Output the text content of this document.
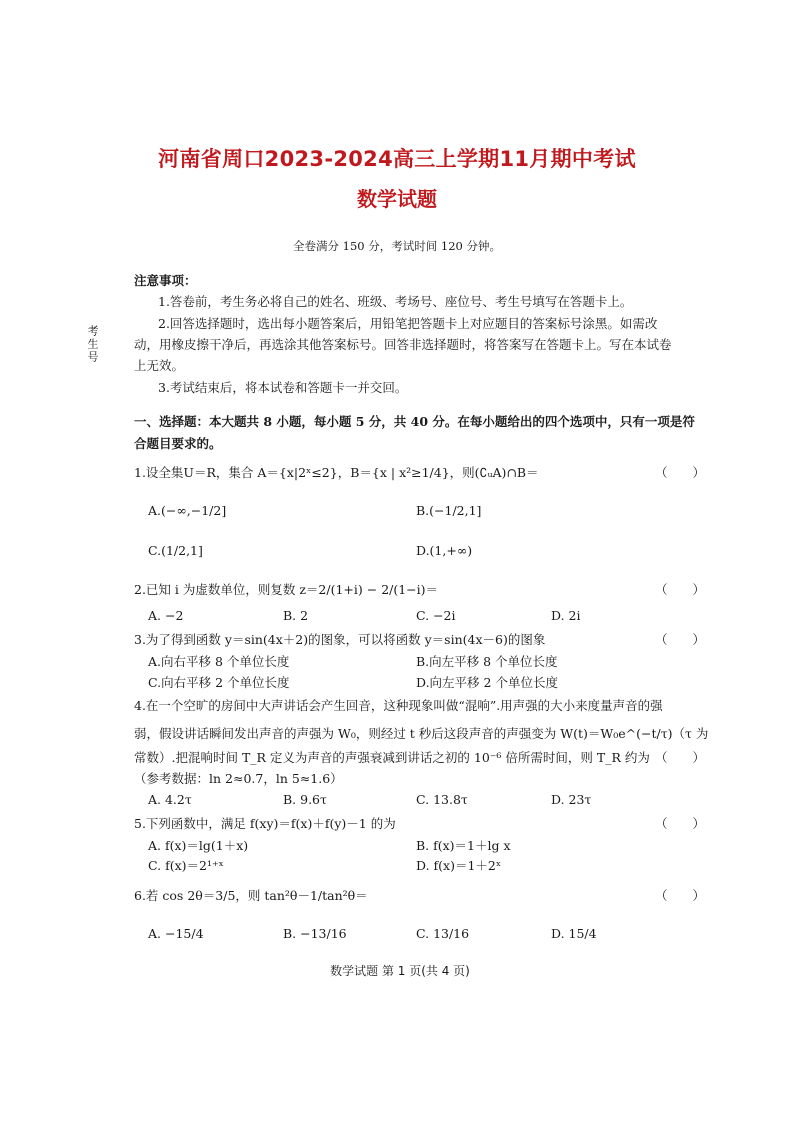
河南省周口2023-2024高三上学期11月期中考试
数学试题
全卷满分 150 分，考试时间 120 分钟。
考生号
注意事项：
1.答卷前，考生务必将自己的姓名、班级、考场号、座位号、考生号填写在答题卡上。
2.回答选择题时，选出每小题答案后，用铅笔把答题卡上对应题目的答案标号涂黑。如需改
动，用橡皮擦干净后，再选涂其他答案标号。回答非选择题时，将答案写在答题卡上。写在本试卷
上无效。
3.考试结束后，将本试卷和答题卡一并交回。
一、选择题：本大题共 8 小题，每小题 5 分，共 40 分。在每小题给出的四个选项中，只有一项是符
合题目要求的。
1.设全集U＝R，集合 A＝{x|2ˣ≤2}，B＝{x | x²≥1/4}，则(∁ᵤA)∩B＝	（　　）
A.(−∞,−1/2]	B.(−1/2,1]
C.(1/2,1]	D.(1,+∞)
2.已知 i 为虚数单位，则复数 z＝2/(1+i) − 2/(1−i)＝	（　　）
A. −2	B. 2	C. −2i	D. 2i
3.为了得到函数 y＝sin(4x＋2)的图象，可以将函数 y＝sin(4x－6)的图象	（　　）
A.向右平移 8 个单位长度	B.向左平移 8 个单位长度
C.向右平移 2 个单位长度	D.向左平移 2 个单位长度
4.在一个空旷的房间中大声讲话会产生回音，这种现象叫做“混响”.用声强的大小来度量声音的强
弱，假设讲话瞬间发出声音的声强为 W₀，则经过 t 秒后这段声音的声强变为 W(t)＝W₀e^(−t/τ)（τ 为
常数）.把混响时间 T_R 定义为声音的声强衰减到讲话之初的 10⁻⁶ 倍所需时间，则 T_R 约为 （　　）
（参考数据：ln 2≈0.7，ln 5≈1.6）
A. 4.2τ	B. 9.6τ	C. 13.8τ	D. 23τ
5.下列函数中，满足 f(xy)＝f(x)＋f(y)－1 的为	（　　）
A. f(x)＝lg(1＋x)	B. f(x)＝1＋lg x
C. f(x)＝2¹⁺ˣ	D. f(x)＝1＋2ˣ
6.若 cos 2θ＝3/5，则 tan²θ－1/tan²θ＝	（　　）
A. −15/4	B. −13/16	C. 13/16	D. 15/4
数学试题 第 1 页(共 4 页)
